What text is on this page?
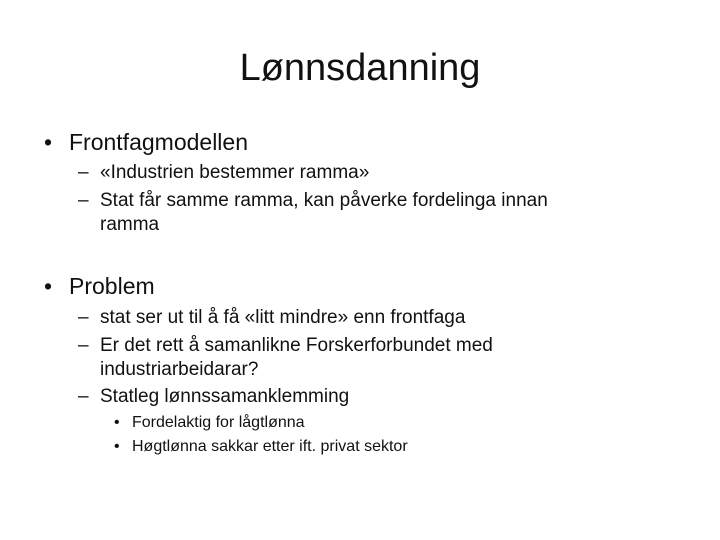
Lønnsdanning
• Frontfagmodellen
– «Industrien bestemmer ramma»
– Stat får samme ramma, kan påverke fordelinga innan
ramma
• Problem
– stat ser ut til å få «litt mindre» enn frontfaga
– Er det rett å samanlikne Forskerforbundet med
industriarbeidarar?
– Statleg lønnssamanklemming
• Fordelaktig for lågtlønna
• Høgtlønna sakkar etter ift. privat sektor
